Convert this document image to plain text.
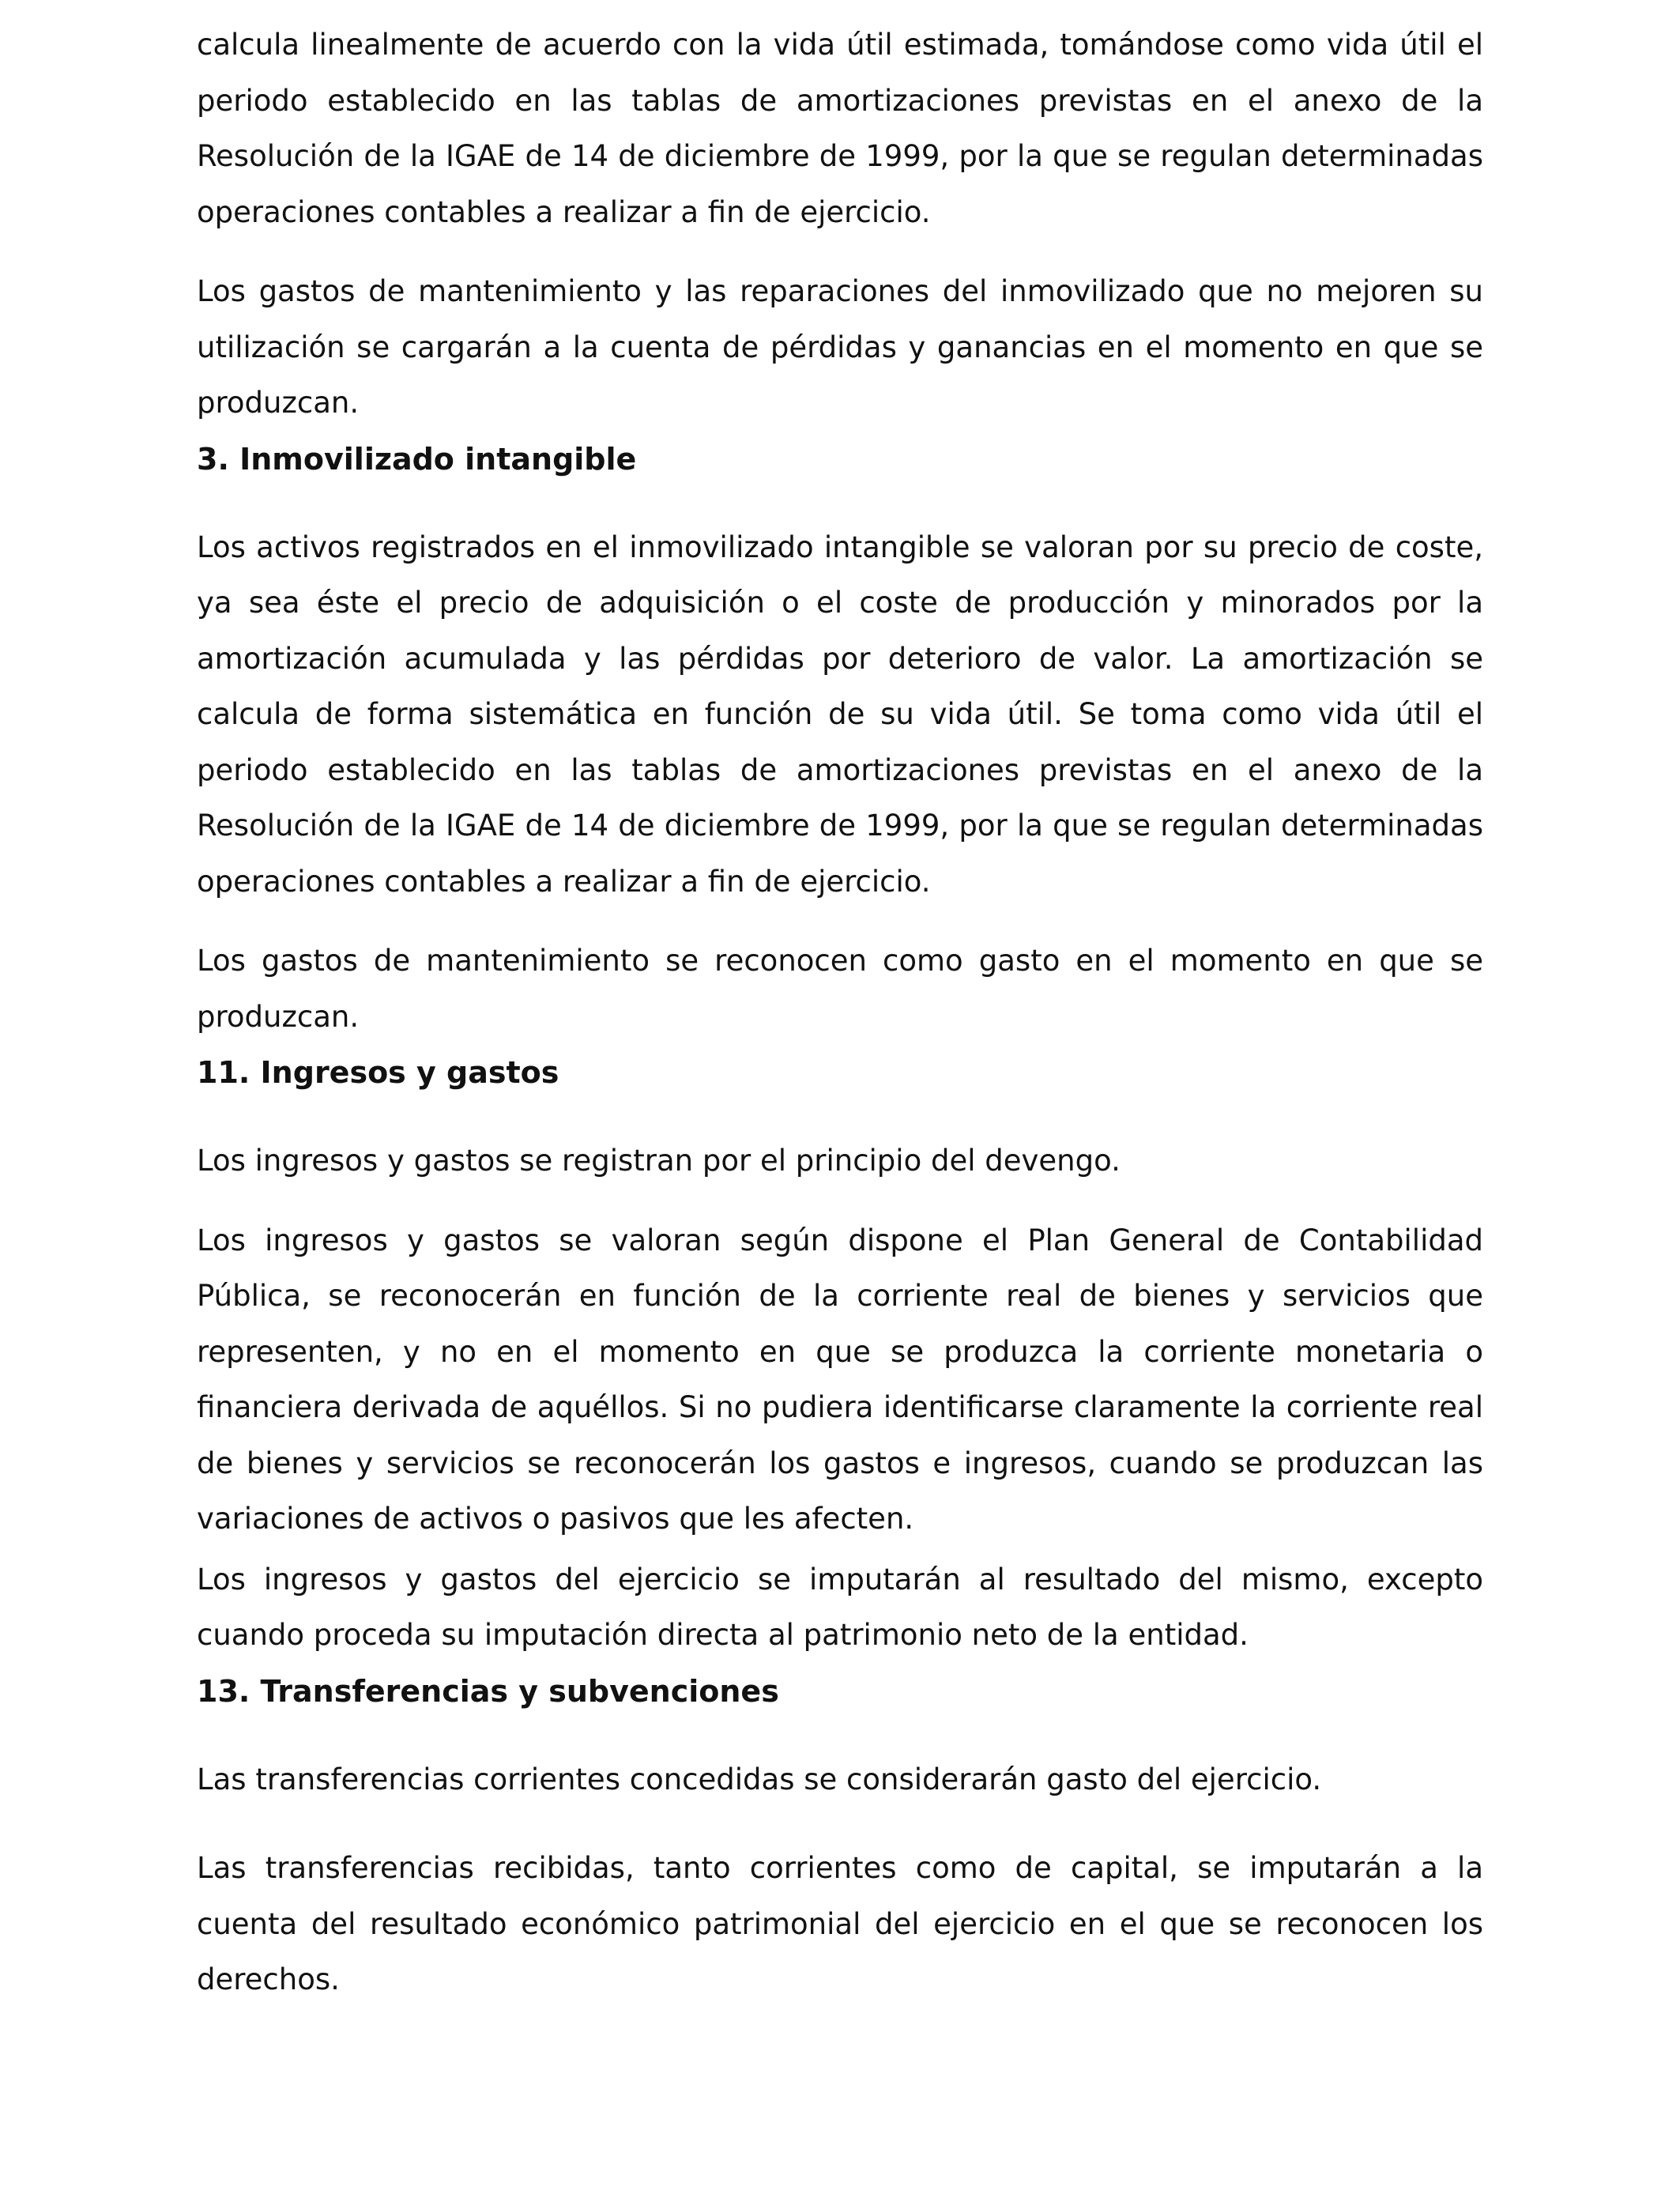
calcula linealmente de acuerdo con la vida útil estimada, tomándose como vida útil el periodo establecido en las tablas de amortizaciones previstas en el anexo de la Resolución de la IGAE de 14 de diciembre de 1999, por la que se regulan determinadas operaciones contables a realizar a fin de ejercicio.

Los gastos de mantenimiento y las reparaciones del inmovilizado que no mejoren su utilización se cargarán a la cuenta de pérdidas y ganancias en el momento en que se produzcan.

3. Inmovilizado intangible

Los activos registrados en el inmovilizado intangible se valoran por su precio de coste, ya sea éste el precio de adquisición o el coste de producción y minorados por la amortización acumulada y las pérdidas por deterioro de valor. La amortización se calcula de forma sistemática en función de su vida útil. Se toma como vida útil el periodo establecido en las tablas de amortizaciones previstas en el anexo de la Resolución de la IGAE de 14 de diciembre de 1999, por la que se regulan determinadas operaciones contables a realizar a fin de ejercicio.

Los gastos de mantenimiento se reconocen como gasto en el momento en que se produzcan.

11. Ingresos y gastos

Los ingresos y gastos se registran por el principio del devengo.

Los ingresos y gastos se valoran según dispone el Plan General de Contabilidad Pública, se reconocerán en función de la corriente real de bienes y servicios que representen, y no en el momento en que se produzca la corriente monetaria o financiera derivada de aquéllos. Si no pudiera identificarse claramente la corriente real de bienes y servicios se reconocerán los gastos e ingresos, cuando se produzcan las variaciones de activos o pasivos que les afecten.

Los ingresos y gastos del ejercicio se imputarán al resultado del mismo, excepto cuando proceda su imputación directa al patrimonio neto de la entidad.

13. Transferencias y subvenciones

Las transferencias corrientes concedidas se considerarán gasto del ejercicio.

Las transferencias recibidas, tanto corrientes como de capital, se imputarán a la cuenta del resultado económico patrimonial del ejercicio en el que se reconocen los derechos.
